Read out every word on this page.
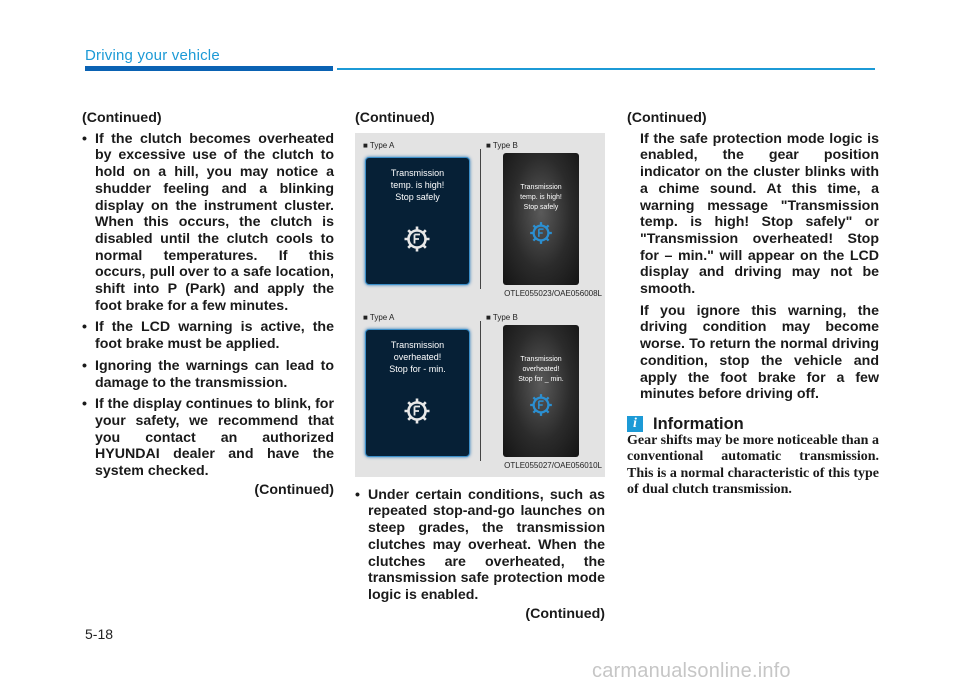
Driving your vehicle

(Continued)

• If the clutch becomes overheated by excessive use of the clutch to hold on a hill, you may notice a shudder feeling and a blinking display on the instrument cluster. When this occurs, the clutch is disabled until the clutch cools to normal temperatures. If this occurs, pull over to a safe location, shift into P (Park) and apply the foot brake for a few minutes.
• If the LCD warning is active, the foot brake must be applied.
• Ignoring the warnings can lead to damage to the transmission.
• If the display continues to blink, for your safety, we recommend that you contact an authorized HYUNDAI dealer and have the system checked.

(Continued)

(Continued)

■ Type A	■ Type B
Transmission
temp. is high!
Stop safely
Transmission
temp. is high!
Stop safely
OTLE055023/OAE056008L
■ Type A	■ Type B
Transmission
overheated!
Stop for - min.
Transmission
overheated!
Stop for _ min.
OTLE055027/OAE056010L
• Under certain conditions, such as repeated stop-and-go launches on steep grades, the transmission clutches may overheat. When the clutches are overheated, the transmission safe protection mode logic is enabled.

(Continued)

(Continued)

If the safe protection mode logic is enabled, the gear position indicator on the cluster blinks with a chime sound. At this time, a warning message "Transmission temp. is high! Stop safely" or "Transmission overheated! Stop for – min." will appear on the LCD display and driving may not be smooth.

If you ignore this warning, the driving condition may become worse. To return the normal driving condition, stop the vehicle and apply the foot brake for a few minutes before driving off.

i Information

Gear shifts may be more noticeable than a conventional automatic transmission. This is a normal characteristic of this type of dual clutch transmission.

5-18
carmanualsonline.info
